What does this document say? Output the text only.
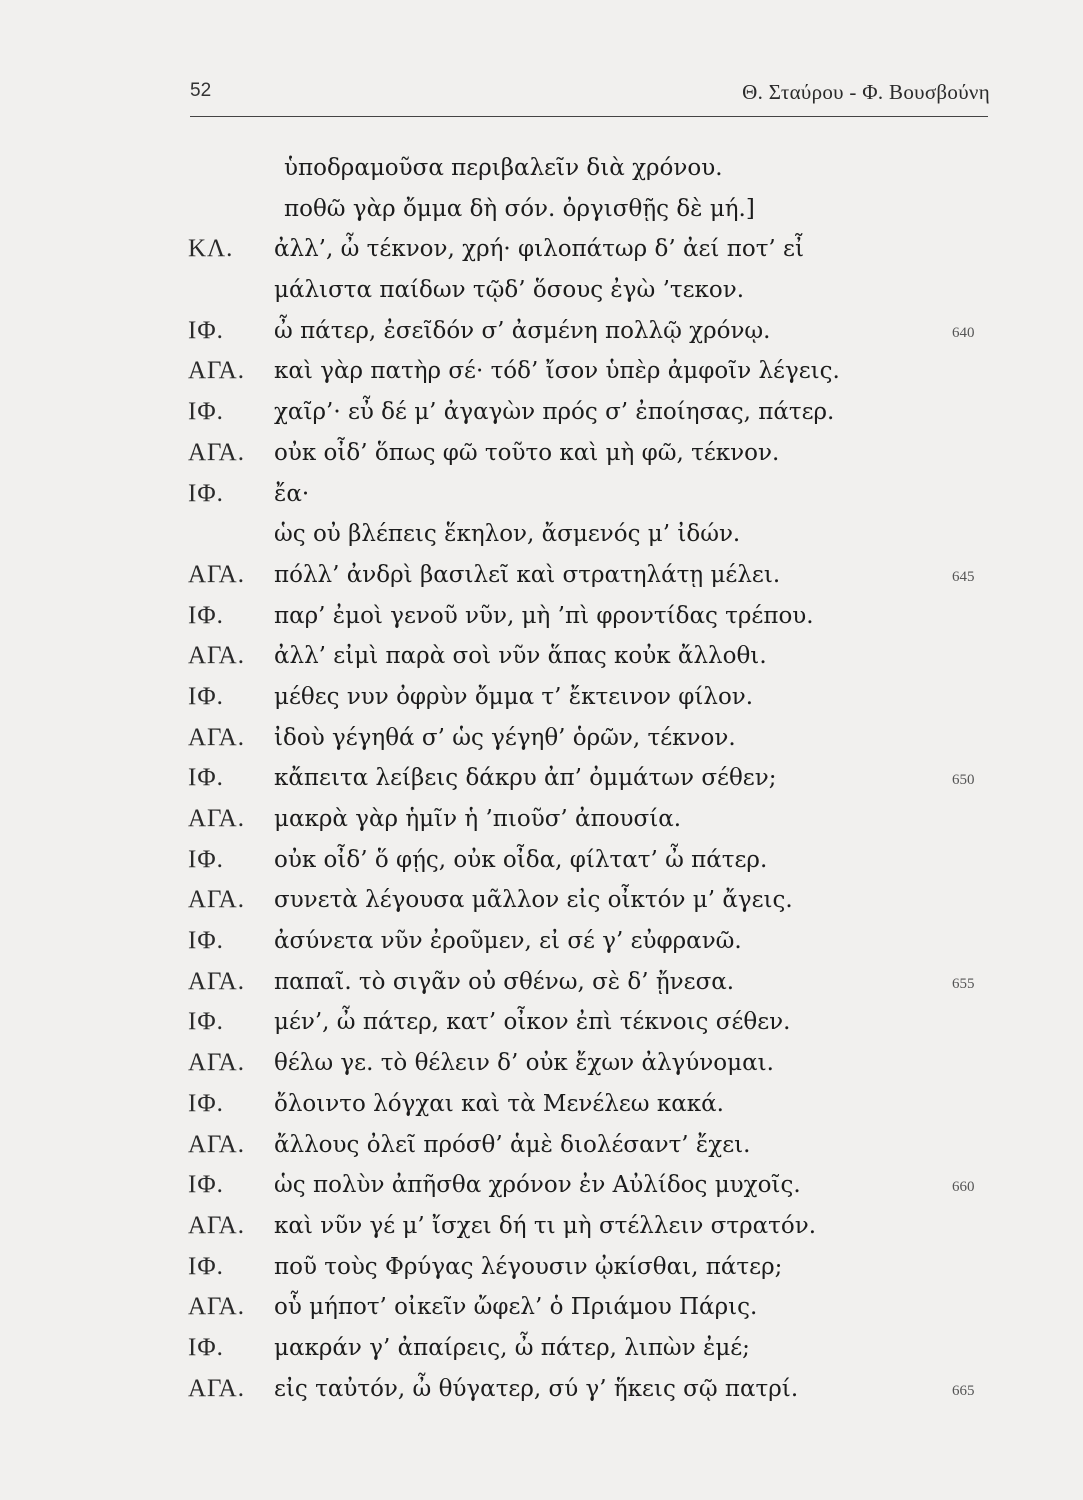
52	Θ. Σταύρου - Φ. Βουσβούνη
ὑποδραμοῦσα περιβαλεῖν διὰ χρόνου.
ποθῶ γὰρ ὄμμα δὴ σόν. ὀργισθῇς δὲ μή.]
ΚΛ. ἀλλ’, ὦ τέκνον, χρή· φιλοπάτωρ δ’ ἀεί ποτ’ εἶ
μάλιστα παίδων τῷδ’ ὅσους ἐγὼ ’τεκον.
ΙΦ. ὦ πάτερ, ἐσεῖδόν σ’ ἀσμένη πολλῷ χρόνῳ.	640
ΑΓΑ. καὶ γὰρ πατὴρ σέ· τόδ’ ἴσον ὑπὲρ ἀμφοῖν λέγεις.
ΙΦ. χαῖρ’· εὖ δέ μ’ ἀγαγὼν πρός σ’ ἐποίησας, πάτερ.
ΑΓΑ. οὐκ οἶδ’ ὅπως φῶ τοῦτο καὶ μὴ φῶ, τέκνον.
ΙΦ. ἔα·
ὡς οὐ βλέπεις ἕκηλον, ἄσμενός μ’ ἰδών.
ΑΓΑ. πόλλ’ ἀνδρὶ βασιλεῖ καὶ στρατηλάτῃ μέλει.	645
ΙΦ. παρ’ ἐμοὶ γενοῦ νῦν, μὴ ’πὶ φροντίδας τρέπου.
ΑΓΑ. ἀλλ’ εἰμὶ παρὰ σοὶ νῦν ἅπας κοὐκ ἄλλοθι.
ΙΦ. μέθες νυν ὀφρὺν ὄμμα τ’ ἔκτεινον φίλον.
ΑΓΑ. ἰδοὺ γέγηθά σ’ ὡς γέγηθ’ ὁρῶν, τέκνον.
ΙΦ. κἄπειτα λείβεις δάκρυ ἀπ’ ὀμμάτων σέθεν;	650
ΑΓΑ. μακρὰ γὰρ ἡμῖν ἡ ’πιοῦσ’ ἀπουσία.
ΙΦ. οὐκ οἶδ’ ὅ φῄς, οὐκ οἶδα, φίλτατ’ ὦ πάτερ.
ΑΓΑ. συνετὰ λέγουσα μᾶλλον εἰς οἶκτόν μ’ ἄγεις.
ΙΦ. ἀσύνετα νῦν ἐροῦμεν, εἰ σέ γ’ εὐφρανῶ.
ΑΓΑ. παπαῖ. τὸ σιγᾶν οὐ σθένω, σὲ δ’ ᾔνεσα.	655
ΙΦ. μέν’, ὦ πάτερ, κατ’ οἶκον ἐπὶ τέκνοις σέθεν.
ΑΓΑ. θέλω γε. τὸ θέλειν δ’ οὐκ ἔχων ἀλγύνομαι.
ΙΦ. ὄλοιντο λόγχαι καὶ τὰ Μενέλεω κακά.
ΑΓΑ. ἄλλους ὀλεῖ πρόσθ’ ἁμὲ διολέσαντ’ ἔχει.
ΙΦ. ὡς πολὺν ἀπῆσθα χρόνον ἐν Αὐλίδος μυχοῖς.	660
ΑΓΑ. καὶ νῦν γέ μ’ ἴσχει δή τι μὴ στέλλειν στρατόν.
ΙΦ. ποῦ τοὺς Φρύγας λέγουσιν ᾠκίσθαι, πάτερ;
ΑΓΑ. οὗ μήποτ’ οἰκεῖν ὤφελ’ ὁ Πριάμου Πάρις.
ΙΦ. μακράν γ’ ἀπαίρεις, ὦ πάτερ, λιπὼν ἐμέ;
ΑΓΑ. εἰς ταὐτόν, ὦ θύγατερ, σύ γ’ ἥκεις σῷ πατρί.	665
